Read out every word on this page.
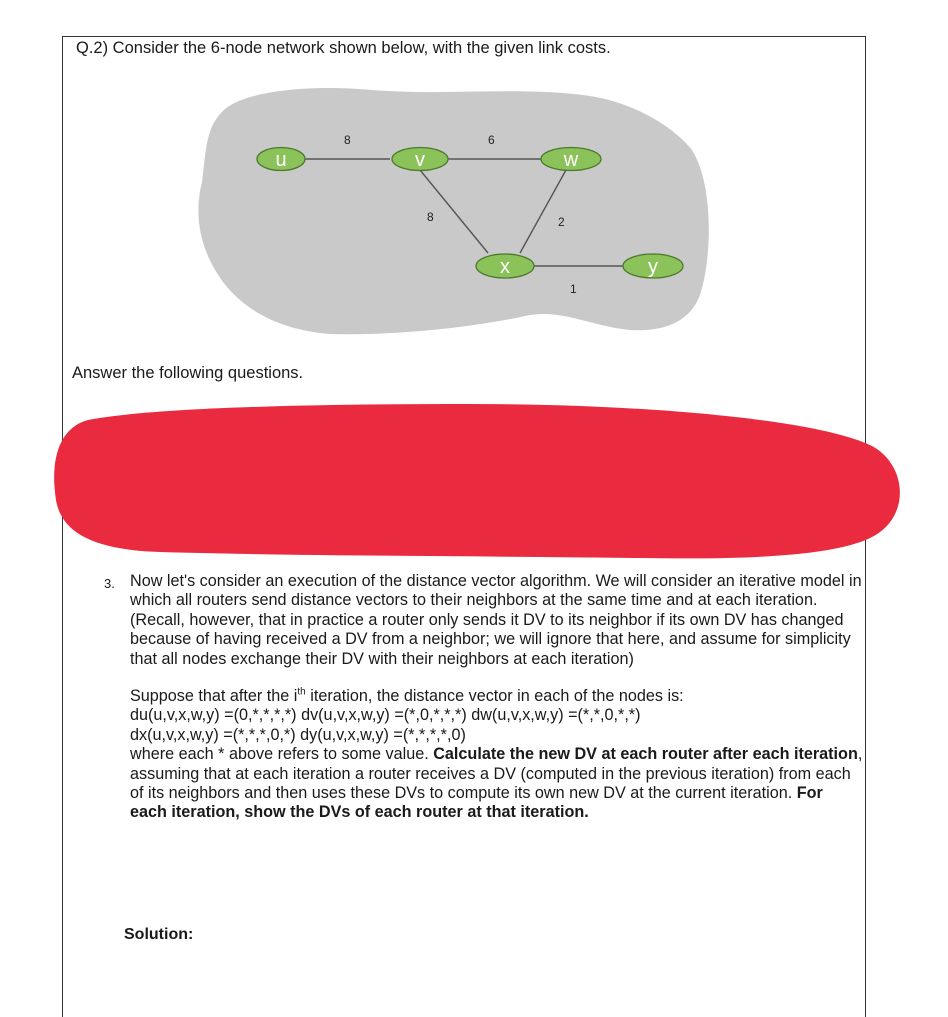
Q.2) Consider the 6-node network shown below, with the given link costs.
8	6
8	2
1
u	v	w
x	y
Answer the following questions.
3. Now let's consider an execution of the distance vector algorithm. We will consider an iterative model in which all routers send distance vectors to their neighbors at the same time and at each iteration. (Recall, however, that in practice a router only sends it DV to its neighbor if its own DV has changed because of having received a DV from a neighbor; we will ignore that here, and assume for simplicity that all nodes exchange their DV with their neighbors at each iteration)
Suppose that after the $i^{th}$ iteration, the distance vector in each of the nodes is:
du(u,v,x,w,y) =(0,*,*,*,*) dv(u,v,x,w,y) =(*,0,*,*,*) dw(u,v,x,w,y) =(*,*,0,*,*)
dx(u,v,x,w,y) =(*,*,*,0,*) dy(u,v,x,w,y) =(*,*,*,*,0)
where each * above refers to some value. Calculate the new DV at each router after each iteration, assuming that at each iteration a router receives a DV (computed in the previous iteration) from each of its neighbors and then uses these DVs to compute its own new DV at the current iteration. For each iteration, show the DVs of each router at that iteration.
Solution:
